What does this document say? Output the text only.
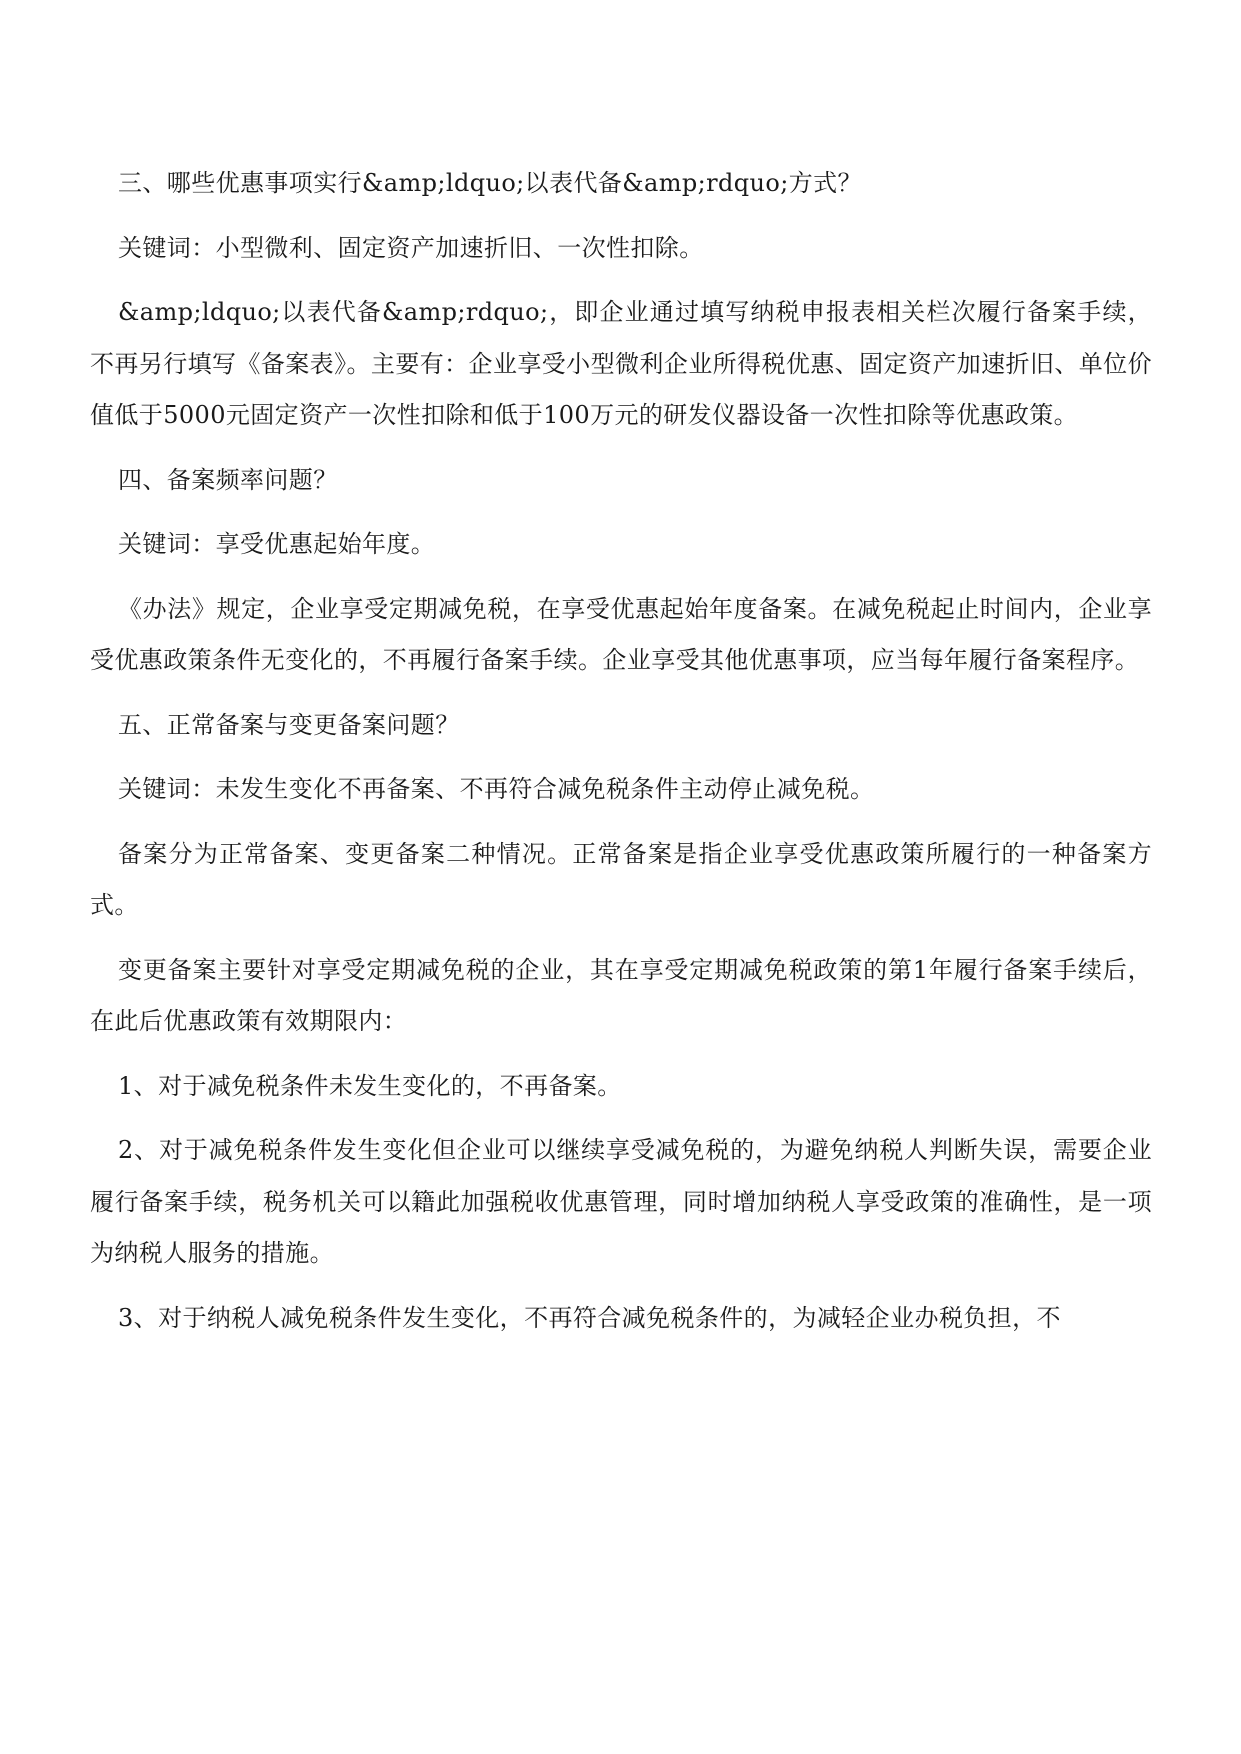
三、哪些优惠事项实行&amp;ldquo;以表代备&amp;rdquo;方式？

关键词：小型微利、固定资产加速折旧、一次性扣除。

&amp;ldquo;以表代备&amp;rdquo;，即企业通过填写纳税申报表相关栏次履行备案手续，不再另行填写《备案表》。主要有：企业享受小型微利企业所得税优惠、固定资产加速折旧、单位价值低于5000元固定资产一次性扣除和低于100万元的研发仪器设备一次性扣除等优惠政策。

四、备案频率问题？

关键词：享受优惠起始年度。

《办法》规定，企业享受定期减免税，在享受优惠起始年度备案。在减免税起止时间内，企业享受优惠政策条件无变化的，不再履行备案手续。企业享受其他优惠事项，应当每年履行备案程序。

五、正常备案与变更备案问题？

关键词：未发生变化不再备案、不再符合减免税条件主动停止减免税。

备案分为正常备案、变更备案二种情况。正常备案是指企业享受优惠政策所履行的一种备案方式。

变更备案主要针对享受定期减免税的企业，其在享受定期减免税政策的第1年履行备案手续后，在此后优惠政策有效期限内：

1、对于减免税条件未发生变化的，不再备案。

2、对于减免税条件发生变化但企业可以继续享受减免税的，为避免纳税人判断失误，需要企业履行备案手续，税务机关可以籍此加强税收优惠管理，同时增加纳税人享受政策的准确性，是一项为纳税人服务的措施。

3、对于纳税人减免税条件发生变化，不再符合减免税条件的，为减轻企业办税负担，不
